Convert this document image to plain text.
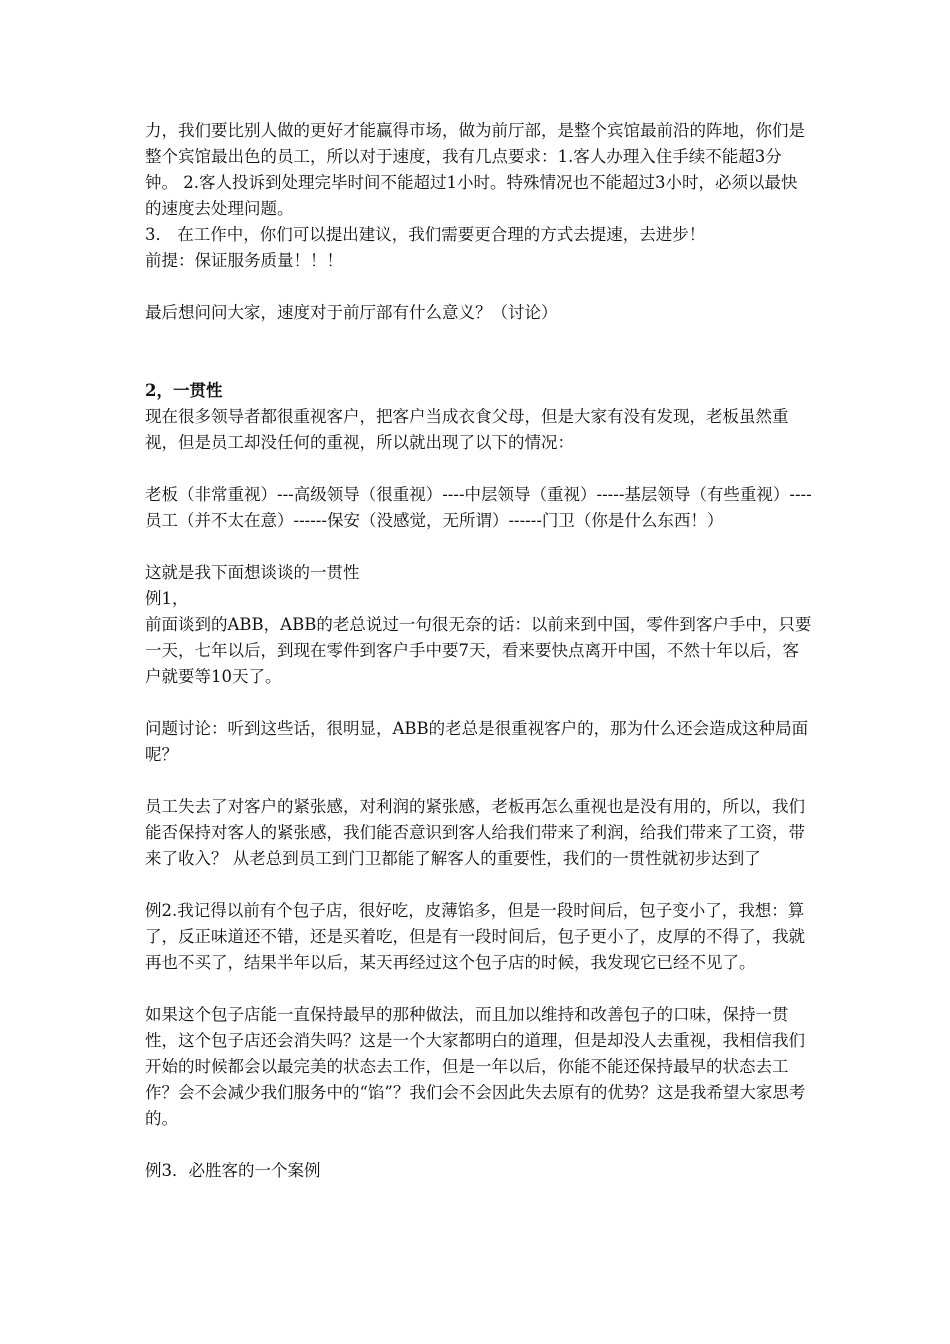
力，我们要比别人做的更好才能赢得市场，做为前厅部，是整个宾馆最前沿的阵地，你们是整个宾馆最出色的员工，所以对于速度，我有几点要求：1.客人办理入住手续不能超3分钟。 2.客人投诉到处理完毕时间不能超过1小时。特殊情况也不能超过3小时，必须以最快的速度去处理问题。

3． 在工作中，你们可以提出建议，我们需要更合理的方式去提速，去进步！

前提：保证服务质量！！！

最后想问问大家，速度对于前厅部有什么意义？（讨论）

2，一贯性

现在很多领导者都很重视客户，把客户当成衣食父母，但是大家有没有发现，老板虽然重视，但是员工却没任何的重视，所以就出现了以下的情况：

老板（非常重视）---高级领导（很重视）----中层领导（重视）-----基层领导（有些重视）----员工（并不太在意）------保安（没感觉，无所谓）------门卫（你是什么东西！）

这就是我下面想谈谈的一贯性

例1，

前面谈到的ABB，ABB的老总说过一句很无奈的话：以前来到中国，零件到客户手中，只要一天，七年以后，到现在零件到客户手中要7天，看来要快点离开中国，不然十年以后，客户就要等10天了。

问题讨论：听到这些话，很明显，ABB的老总是很重视客户的，那为什么还会造成这种局面呢？

员工失去了对客户的紧张感，对利润的紧张感，老板再怎么重视也是没有用的，所以，我们能否保持对客人的紧张感，我们能否意识到客人给我们带来了利润，给我们带来了工资，带来了收入？ 从老总到员工到门卫都能了解客人的重要性，我们的一贯性就初步达到了

例2.我记得以前有个包子店，很好吃，皮薄馅多，但是一段时间后，包子变小了，我想：算了，反正味道还不错，还是买着吃，但是有一段时间后，包子更小了，皮厚的不得了，我就再也不买了，结果半年以后，某天再经过这个包子店的时候，我发现它已经不见了。

如果这个包子店能一直保持最早的那种做法，而且加以维持和改善包子的口味，保持一贯性，这个包子店还会消失吗？这是一个大家都明白的道理，但是却没人去重视，我相信我们开始的时候都会以最完美的状态去工作，但是一年以后，你能不能还保持最早的状态去工作？会不会减少我们服务中的“馅”？我们会不会因此失去原有的优势？这是我希望大家思考的。

例3．必胜客的一个案例
